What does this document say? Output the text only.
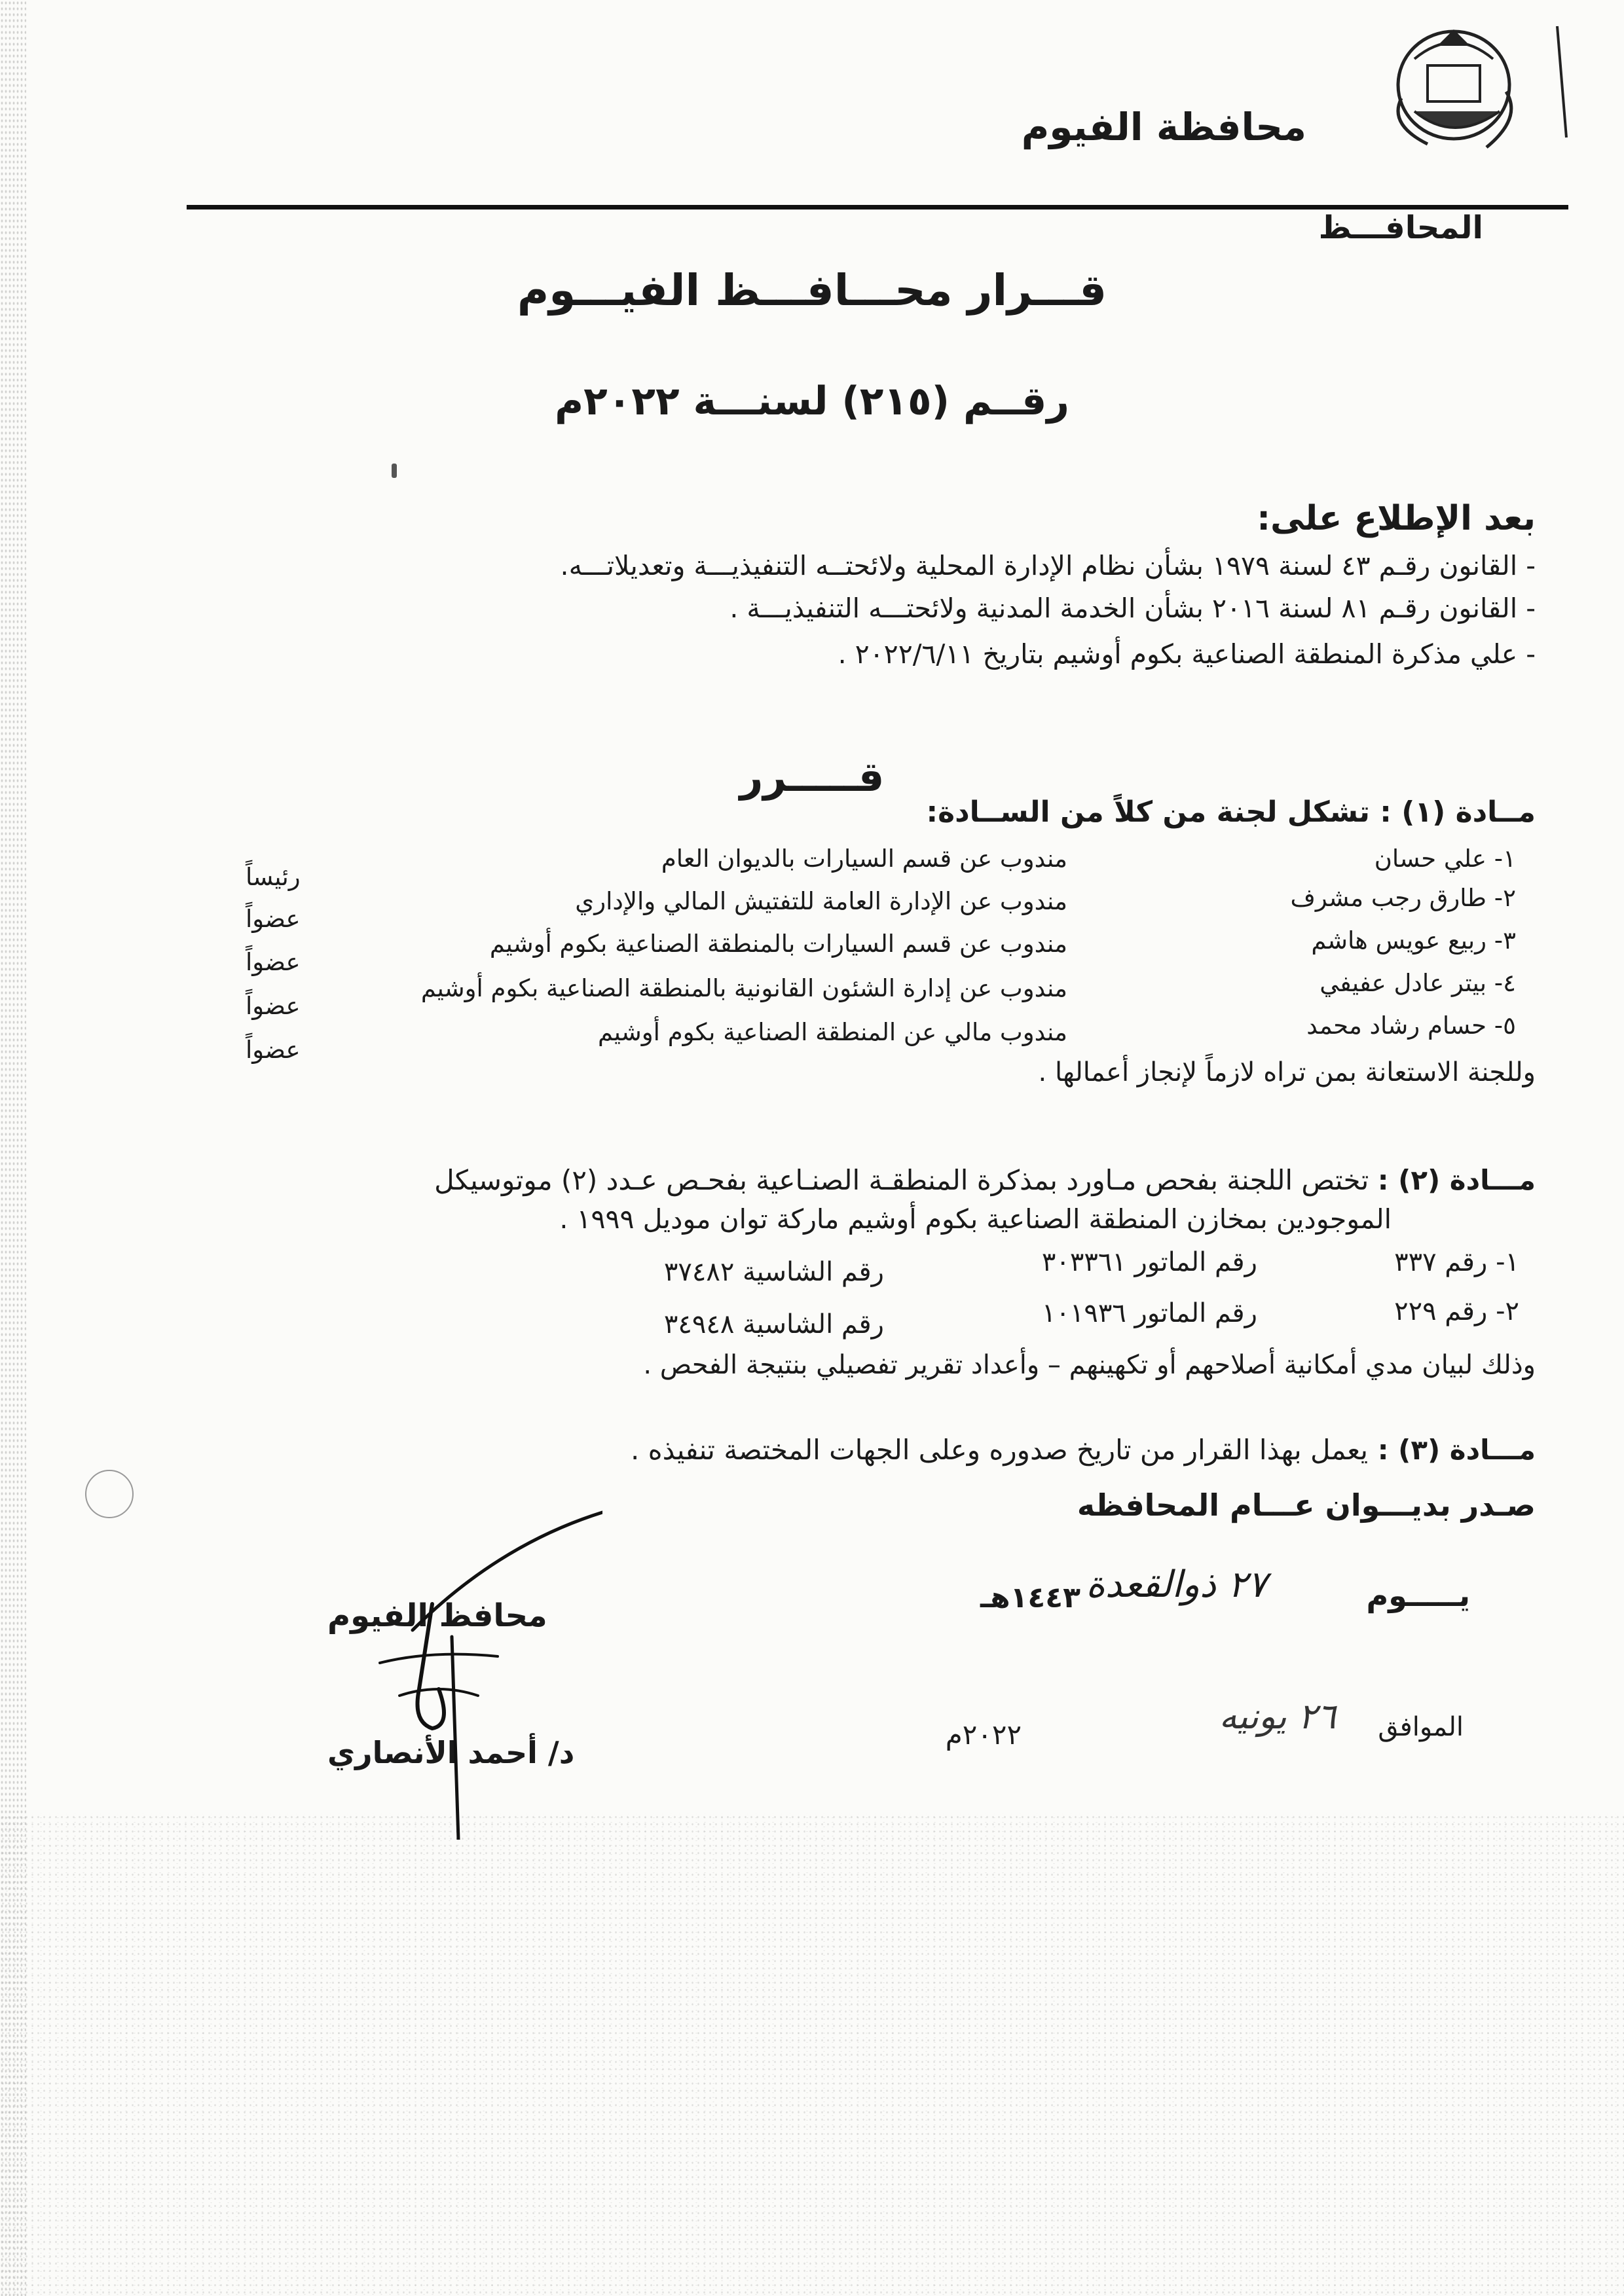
محافظة الفيوم
المحافـــظ
قـــرار محـــافـــظ الفيـــوم
رقــم (٢١٥) لسنـــة ٢٠٢٢م
بعد الإطلاع على:
- القانون رقـم ٤٣ لسنة ١٩٧٩ بشأن نظام الإدارة المحلية ولائحتــه التنفيذيـــة وتعديلاتـــه.
- القانون رقـم ٨١ لسنة ٢٠١٦ بشأن الخدمة المدنية ولائحتـــه التنفيذيـــة .
- علي مذكرة المنطقة الصناعية بكوم أوشيم بتاريخ ٢٠٢٢/٦/١١ .
قـــــرر
مــادة (١) : تشكل لجنة من كلاً من الســادة:
١- علي حسان
مندوب عن قسم السيارات بالديوان العام
رئيساً
٢- طارق رجب مشرف
مندوب عن الإدارة العامة للتفتيش المالي والإداري
عضواً
٣- ربيع عويس هاشم
مندوب عن قسم السيارات بالمنطقة الصناعية بكوم أوشيم
عضواً
٤- بيتر عادل عفيفي
مندوب عن إدارة الشئون القانونية بالمنطقة الصناعية بكوم أوشيم
عضواً
٥- حسام رشاد محمد
مندوب مالي عن المنطقة الصناعية بكوم أوشيم
عضواً
وللجنة الاستعانة بمن تراه لازماً لإنجاز أعمالها .
مـــادة (٢) : تختص اللجنة بفحص مـاورد بمذكرة المنطقـة الصنـاعية بفحـص عـدد (٢) موتوسيكل
الموجودين بمخازن المنطقة الصناعية بكوم أوشيم ماركة توان موديل ١٩٩٩ .
١- رقم ٣٣٧
رقم الماتور ٣٠٣٣٦١
رقم الشاسية ٣٧٤٨٢
٢- رقم ٢٢٩
رقم الماتور ١٠١٩٣٦
رقم الشاسية ٣٤٩٤٨
وذلك لبيان مدي أمكانية أصلاحهم أو تكهينهم – وأعداد تقرير تفصيلي بنتيجة الفحص .
مـــادة (٣) : يعمل بهذا القرار من تاريخ صدوره وعلى الجهات المختصة تنفيذه .
صـدر بديـــوان عـــام المحافظه
يـــــوم
٢٧ ذوالقعدة
١٤٤٣هـ
الموافق
٢٦ يونيه
٢٠٢٢م
محافظ الفيوم
د/ أحمد الأنصاري
